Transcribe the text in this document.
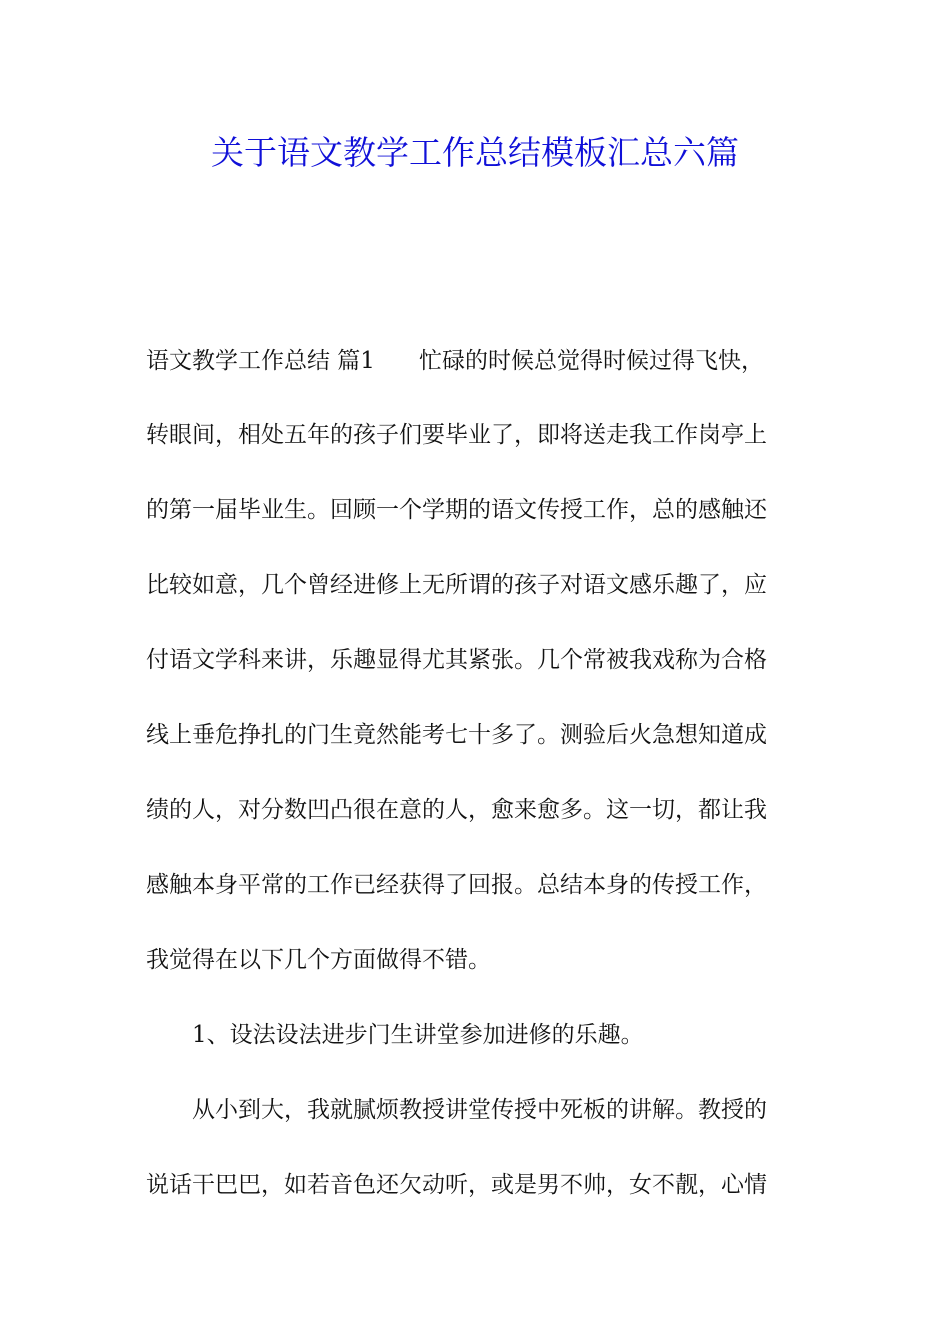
关于语文教学工作总结模板汇总六篇
语文教学工作总结 篇1 忙碌的时候总觉得时候过得飞快，
转眼间，相处五年的孩子们要毕业了，即将送走我工作岗亭上
的第一届毕业生。回顾一个学期的语文传授工作，总的感触还
比较如意，几个曾经进修上无所谓的孩子对语文感乐趣了，应
付语文学科来讲，乐趣显得尤其紧张。几个常被我戏称为合格
线上垂危挣扎的门生竟然能考七十多了。测验后火急想知道成
绩的人，对分数凹凸很在意的人，愈来愈多。这一切，都让我
感触本身平常的工作已经获得了回报。总结本身的传授工作，
我觉得在以下几个方面做得不错。
1、设法设法进步门生讲堂参加进修的乐趣。
从小到大，我就腻烦教授讲堂传授中死板的讲解。教授的
说话干巴巴，如若音色还欠动听，或是男不帅，女不靓，心情
